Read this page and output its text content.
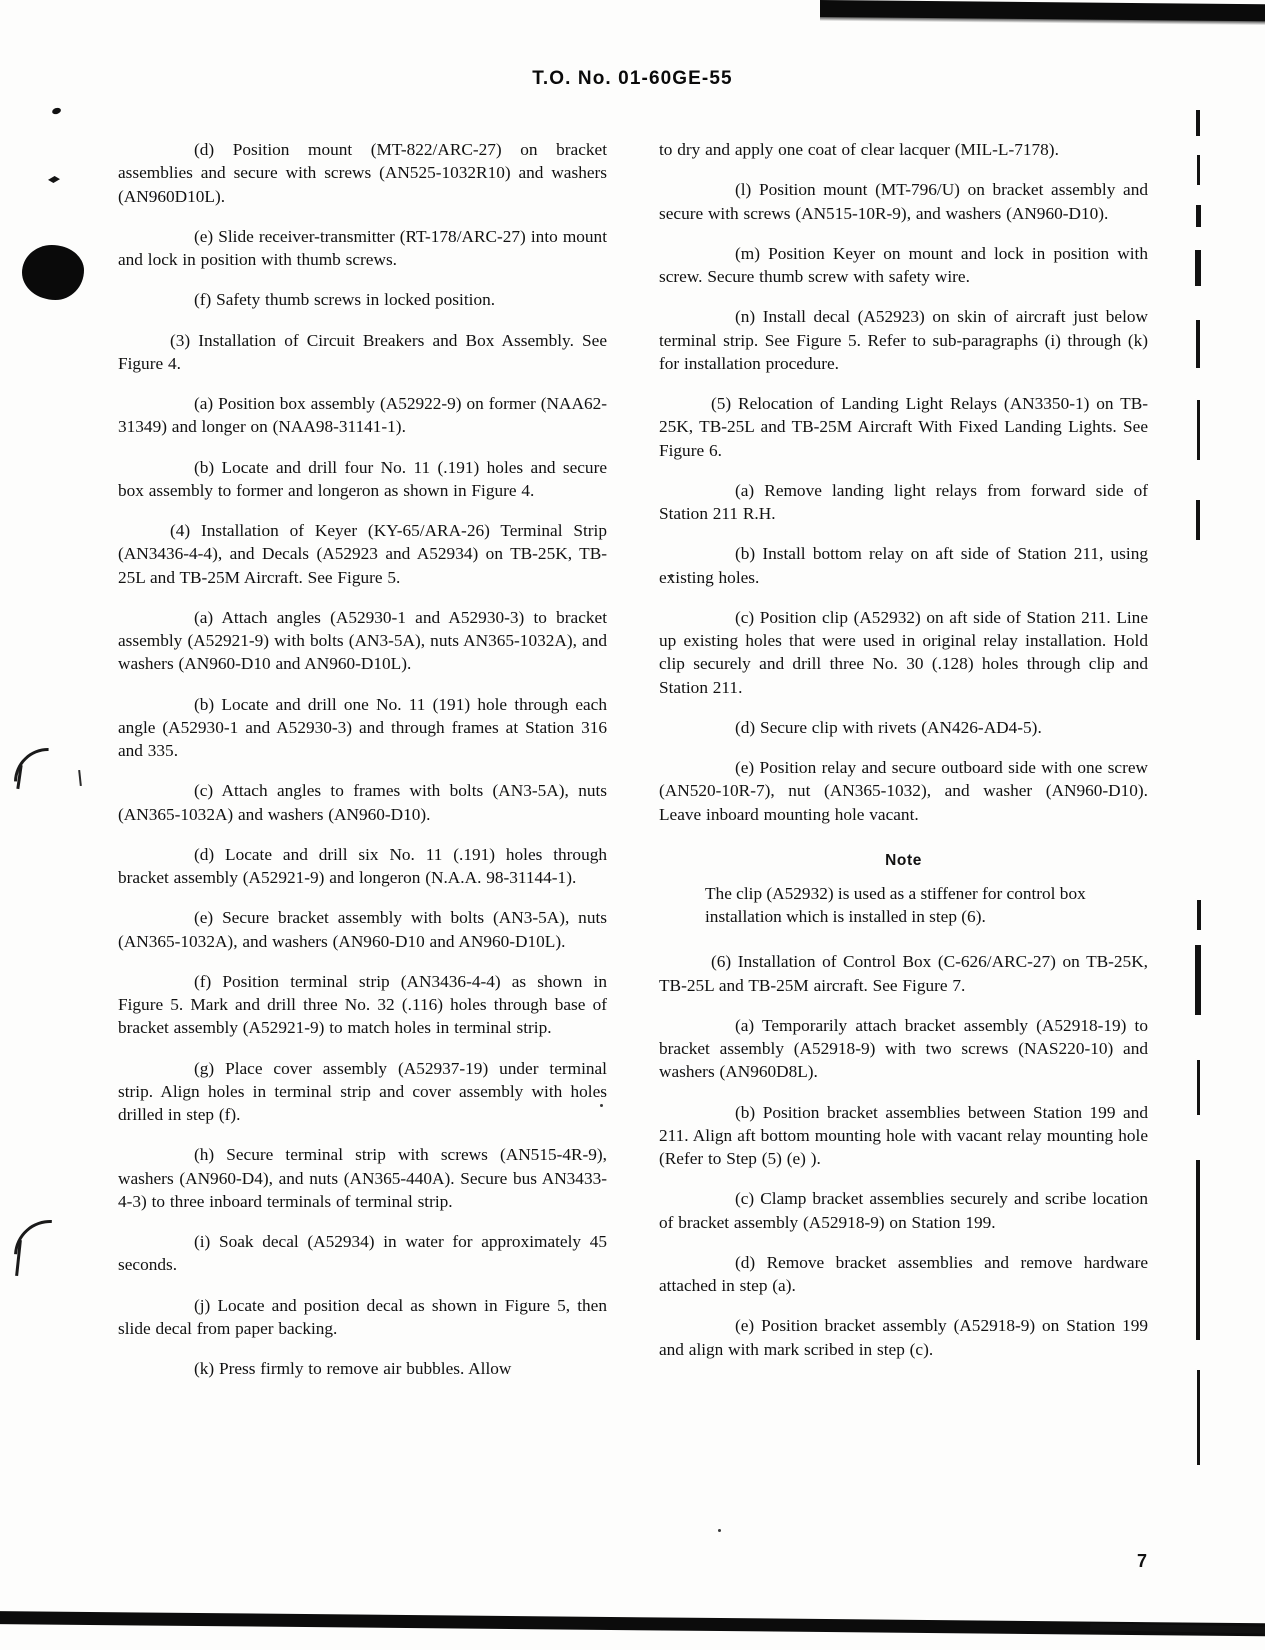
T.O. No. 01-60GE-55

(d) Position mount (MT-822/ARC-27) on bracket assemblies and secure with screws (AN525-1032R10) and washers (AN960D10L).

(e) Slide receiver-transmitter (RT-178/ARC-27) into mount and lock in position with thumb screws.

(f) Safety thumb screws in locked position.

(3) Installation of Circuit Breakers and Box Assembly. See Figure 4.

(a) Position box assembly (A52922-9) on former (NAA62-31349) and longer on (NAA98-31141-1).

(b) Locate and drill four No. 11 (.191) holes and secure box assembly to former and longeron as shown in Figure 4.

(4) Installation of Keyer (KY-65/ARA-26) Terminal Strip (AN3436-4-4), and Decals (A52923 and A52934) on TB-25K, TB-25L and TB-25M Aircraft. See Figure 5.

(a) Attach angles (A52930-1 and A52930-3) to bracket assembly (A52921-9) with bolts (AN3-5A), nuts AN365-1032A), and washers (AN960-D10 and AN960-D10L).

(b) Locate and drill one No. 11 (191) hole through each angle (A52930-1 and A52930-3) and through frames at Station 316 and 335.

(c) Attach angles to frames with bolts (AN3-5A), nuts (AN365-1032A) and washers (AN960-D10).

(d) Locate and drill six No. 11 (.191) holes through bracket assembly (A52921-9) and longeron (N.A.A. 98-31144-1).

(e) Secure bracket assembly with bolts (AN3-5A), nuts (AN365-1032A), and washers (AN960-D10 and AN960-D10L).

(f) Position terminal strip (AN3436-4-4) as shown in Figure 5. Mark and drill three No. 32 (.116) holes through base of bracket assembly (A52921-9) to match holes in terminal strip.

(g) Place cover assembly (A52937-19) under terminal strip. Align holes in terminal strip and cover assembly with holes drilled in step (f).

(h) Secure terminal strip with screws (AN515-4R-9), washers (AN960-D4), and nuts (AN365-440A). Secure bus AN3433-4-3) to three inboard terminals of terminal strip.

(i) Soak decal (A52934) in water for approximately 45 seconds.

(j) Locate and position decal as shown in Figure 5, then slide decal from paper backing.

(k) Press firmly to remove air bubbles. Allow

to dry and apply one coat of clear lacquer (MIL-L-7178).

(l) Position mount (MT-796/U) on bracket assembly and secure with screws (AN515-10R-9), and washers (AN960-D10).

(m) Position Keyer on mount and lock in position with screw. Secure thumb screw with safety wire.

(n) Install decal (A52923) on skin of aircraft just below terminal strip. See Figure 5. Refer to sub-paragraphs (i) through (k) for installation procedure.

(5) Relocation of Landing Light Relays (AN3350-1) on TB-25K, TB-25L and TB-25M Aircraft With Fixed Landing Lights. See Figure 6.

(a) Remove landing light relays from forward side of Station 211 R.H.

(b) Install bottom relay on aft side of Station 211, using existing holes.

(c) Position clip (A52932) on aft side of Station 211. Line up existing holes that were used in original relay installation. Hold clip securely and drill three No. 30 (.128) holes through clip and Station 211.

(d) Secure clip with rivets (AN426-AD4-5).

(e) Position relay and secure outboard side with one screw (AN520-10R-7), nut (AN365-1032), and washer (AN960-D10). Leave inboard mounting hole vacant.

Note

The clip (A52932) is used as a stiffener for control box installation which is installed in step (6).

(6) Installation of Control Box (C-626/ARC-27) on TB-25K, TB-25L and TB-25M aircraft. See Figure 7.

(a) Temporarily attach bracket assembly (A52918-19) to bracket assembly (A52918-9) with two screws (NAS220-10) and washers (AN960D8L).

(b) Position bracket assemblies between Station 199 and 211. Align aft bottom mounting hole with vacant relay mounting hole (Refer to Step (5) (e) ).

(c) Clamp bracket assemblies securely and scribe location of bracket assembly (A52918-9) on Station 199.

(d) Remove bracket assemblies and remove hardware attached in step (a).

(e) Position bracket assembly (A52918-9) on Station 199 and align with mark scribed in step (c).

7
